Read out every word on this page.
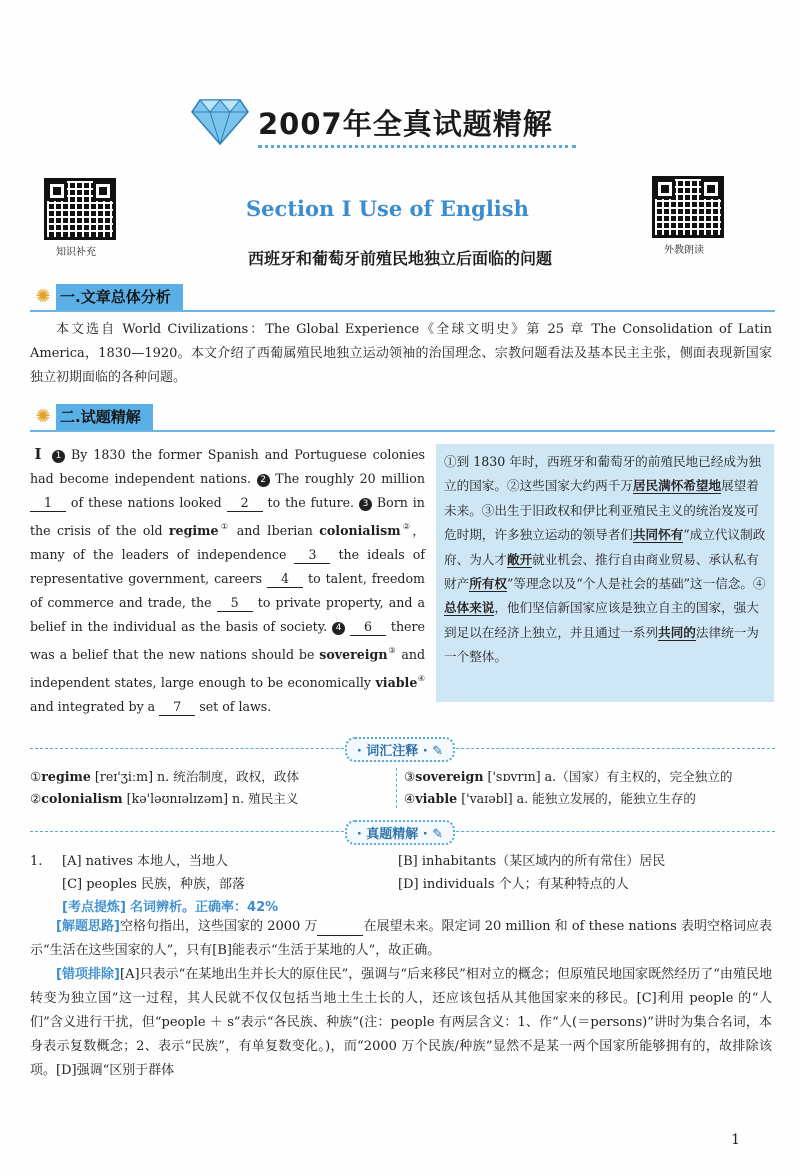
2007年全真试题精解
知识补充	外教朗读
Section Ⅰ Use of English
西班牙和葡萄牙前殖民地独立后面临的问题
✺ 一.文章总体分析
本文选自 World Civilizations：The Global Experience《全球文明史》第 25 章 The Consolidation of Latin America，1830—1920。本文介绍了西葡属殖民地独立运动领袖的治国理念、宗教问题看法及基本民主主张，侧面表现新国家独立初期面临的各种问题。
✺ 二.试题精解
Ⅰ 1 By 1830 the former Spanish and Portuguese colonies had become independent nations. 2 The roughly 20 million 1 of these nations looked 2 to the future. 3 Born in the crisis of the old regime① and Iberian colonialism②，many of the leaders of independence 3 the ideals of representative government, careers 4 to talent, freedom of commerce and trade, the 5 to private property, and a belief in the individual as the basis of society. 4 6 there was a belief that the new nations should be sovereign③ and independent states, large enough to be economically viable④ and integrated by a 7 set of laws.
①到 1830 年时，西班牙和葡萄牙的前殖民地已经成为独立的国家。②这些国家大约两千万居民满怀希望地展望着未来。③出生于旧政权和伊比利亚殖民主义的统治岌岌可危时期，许多独立运动的领导者们共同怀有“成立代议制政府、为人才敞开就业机会、推行自由商业贸易、承认私有财产所有权”等理念以及“个人是社会的基础”这一信念。④总体来说，他们坚信新国家应该是独立自主的国家，强大到足以在经济上独立，并且通过一系列共同的法律统一为一个整体。
· 词汇注释 · ✎
①regime [reɪ'ʒiːm] n. 统治制度，政权，政体
②colonialism [kə'ləʊnɪəlɪzəm] n. 殖民主义
③sovereign ['sɒvrɪn] a.（国家）有主权的，完全独立的
④viable ['vaɪəbl] a. 能独立发展的，能独立生存的
· 真题精解 · ✎
1. [A] natives 本地人，当地人	[B] inhabitants（某区域内的所有常住）居民
[C] peoples 民族，种族，部落	[D] individuals 个人；有某种特点的人
[考点提炼] 名词辨析。正确率：42%
[解题思路]空格句指出，这些国家的 2000 万	在展望未来。限定词 20 million 和 of these nations 表明空格词应表示“生活在这些国家的人”，只有[B]能表示“生活于某地的人”，故正确。
[错项排除][A]只表示“在某地出生并长大的原住民”，强调与“后来移民”相对立的概念；但原殖民地国家既然经历了“由殖民地转变为独立国”这一过程，其人民就不仅仅包括当地土生土长的人，还应该包括从其他国家来的移民。[C]利用 people 的“人们”含义进行干扰，但“people ＋ s”表示“各民族、种族”(注：people 有两层含义：1、作“人(＝persons)”讲时为集合名词，本身表示复数概念；2、表示“民族”，有单复数变化。)，而“2000 万个民族/种族”显然不是某一两个国家所能够拥有的，故排除该项。[D]强调“区别于群体
1
